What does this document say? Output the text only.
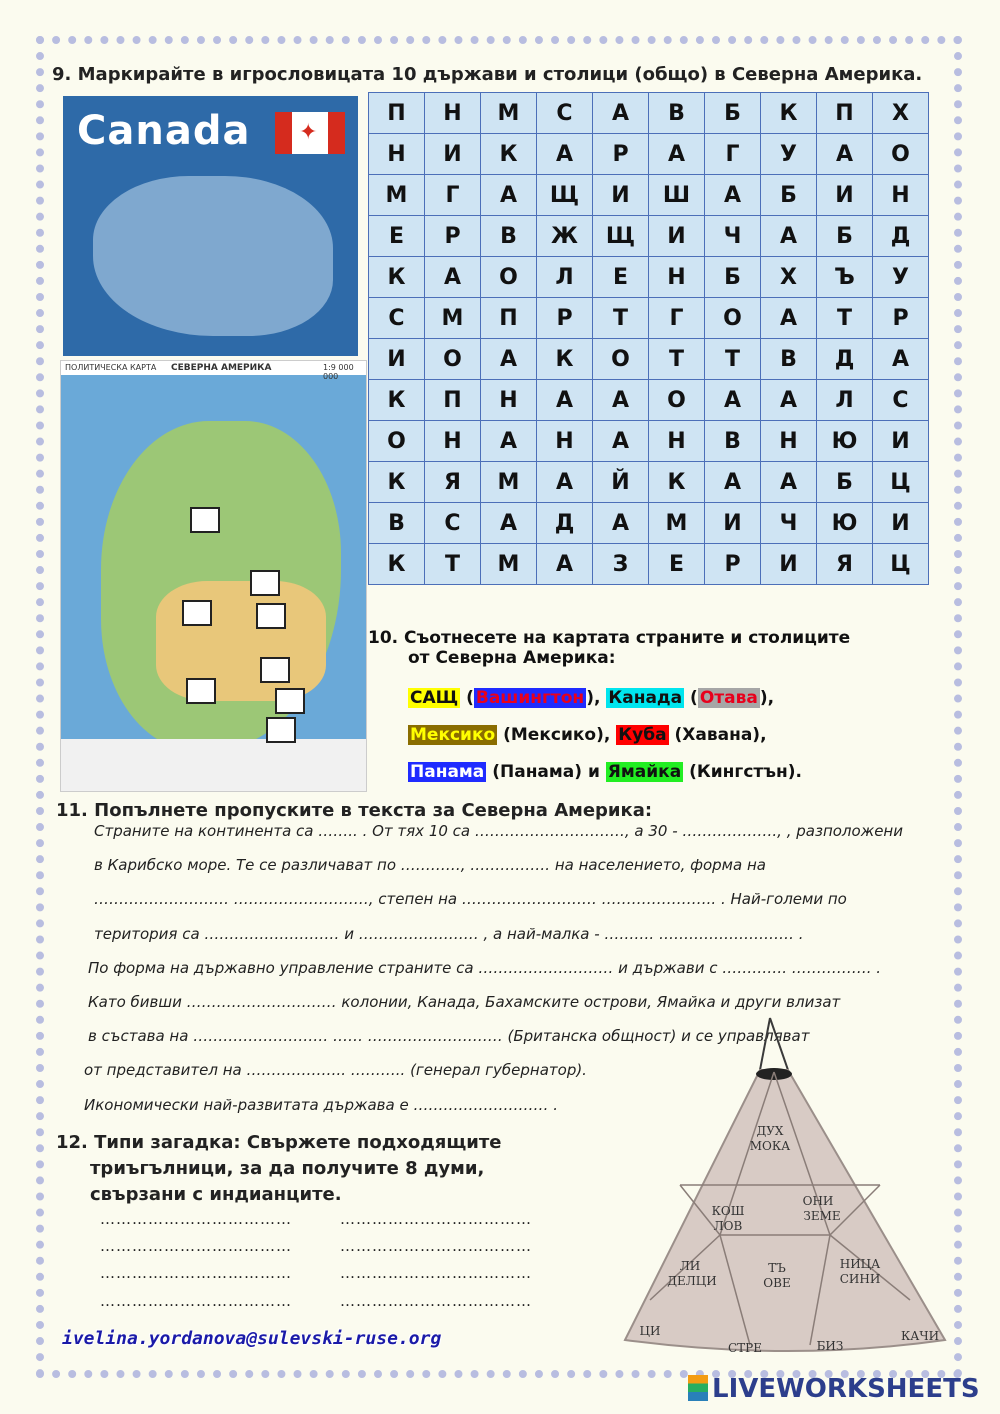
9. Маркирайте в игрословицата 10 държави и столици (общо) в Северна Америка.
Canada
ПОЛИТИЧЕСКА КАРТА СЕВЕРНА АМЕРИКА	1:9 000 000
П	Н	М	С	А	В	Б	К	П	Х
Н	И	К	А	Р	А	Г	У	А	О
М	Г	А	Щ	И	Ш	А	Б	И	Н
Е	Р	В	Ж	Щ	И	Ч	А	Б	Д
К	А	О	Л	Е	Н	Б	Х	Ъ	У
С	М	П	Р	Т	Г	О	А	Т	Р
И	О	А	К	О	Т	Т	В	Д	А
К	П	Н	А	А	О	А	А	Л	С
О	Н	А	Н	А	Н	В	Н	Ю	И
К	Я	М	А	Й	К	А	А	Б	Ц
В	С	А	Д	А	М	И	Ч	Ю	И
К	Т	М	А	З	Е	Р	И	Я	Ц
10. Съотнесете на картата страните и столиците
от Северна Америка:
САЩ ( Вашингтон ), Канада ( Отава ),
Мексико (Мексико), Куба (Хавана),
Панама (Панама) и Ямайка (Кингстън).
11. Попълнете пропуските в текста за Северна Америка:
Страните на континента са …….. . От тях 10 са …………………………, а 30 - ………………., , разположени
в Карибско море. Те се различават по …………, ……………. на населението, форма на
……………………… ………………………, степен на ……………………… ………………….. . Най-големи по
територия са ……………………… и …………………… , а най-малка - ………. ……………………… .
По форма на държавно управление страните са ……………………… и държави с …………. ……………. .
Като бивши ………………………… колонии, Канада, Бахамските острови, Ямайка и други влизат
в състава на ……………………… …… ……………………… (Британска общност) и се управляват
от представител на ……………….. ……….. (генерал губернатор).
Икономически най-развитата държава е ……………………… .
12. Типи загадка: Свържете подходящите
триъгълници, за да получите 8 думи,
свързани с индианците.
………………………………	………………………………
………………………………	………………………………
………………………………	………………………………
………………………………	………………………………
ДУХ
МОКА
КОШ
ЛОВ
ОНИ
ЗЕМЕ
ЛИ
ДЕЛЦИ
ТЪ
ОВЕ
НИЦА
СИНИ
ЦИ
СТРЕ	БИЗ
КАЧИ
ivelina.yordanova@sulevski-ruse.org
LIVEWORKSHEETS
